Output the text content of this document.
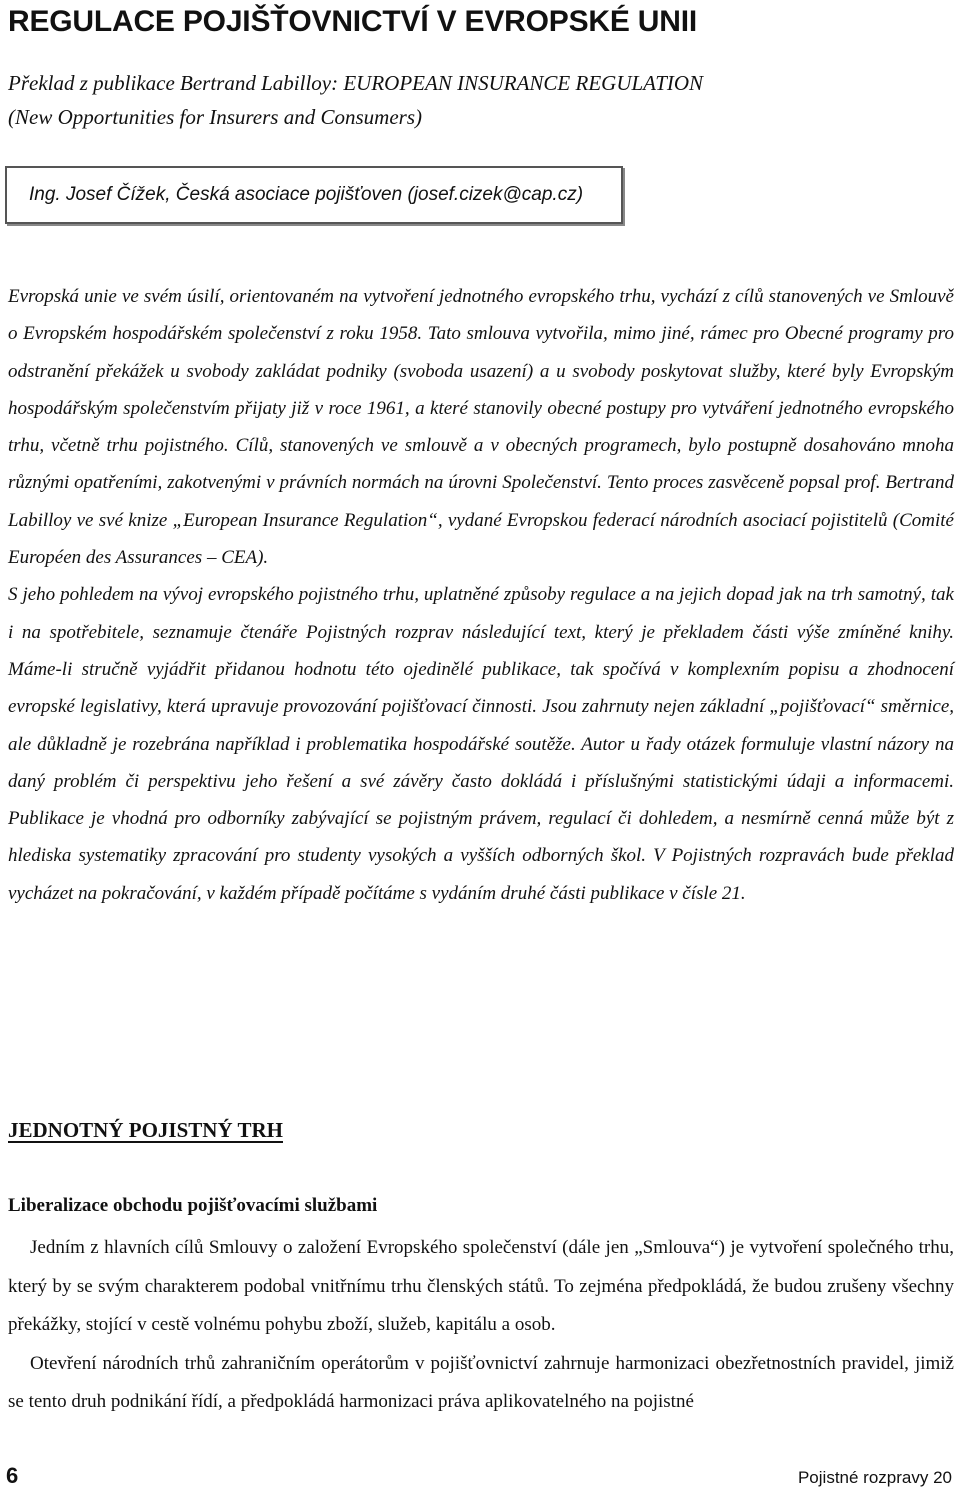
REGULACE POJIŠŤOVNICTVÍ V EVROPSKÉ UNII
Překlad z publikace Bertrand Labilloy: EUROPEAN INSURANCE REGULATION
(New Opportunities for Insurers and Consumers)

Ing. Josef Čížek, Česká asociace pojišťoven (josef.cizek@cap.cz)

Evropská unie ve svém úsilí, orientovaném na vytvoření jednotného evropského trhu, vychází z cílů stanovených ve Smlouvě o Evropském hospodářském společenství z roku 1958. Tato smlouva vytvořila, mimo jiné, rámec pro Obecné programy pro odstranění překážek u svobody zakládat podniky (svoboda usazení) a u svobody poskytovat služby, které byly Evropským hospodářským společenstvím přijaty již v roce 1961, a které stanovily obecné postupy pro vytváření jednotného evropského trhu, včetně trhu pojistného. Cílů, stanovených ve smlouvě a v obecných programech, bylo postupně dosahováno mnoha různými opatřeními, zakotvenými v právních normách na úrovni Společenství. Tento proces zasvěceně popsal prof. Bertrand Labilloy ve své knize „European Insurance Regulation“, vydané Evropskou federací národních asociací pojistitelů (Comité Européen des Assurances – CEA).

S jeho pohledem na vývoj evropského pojistného trhu, uplatněné způsoby regulace a na jejich dopad jak na trh samotný, tak i na spotřebitele, seznamuje čtenáře Pojistných rozprav následující text, který je překladem části výše zmíněné knihy. Máme-li stručně vyjádřit přidanou hodnotu této ojedinělé publikace, tak spočívá v komplexním popisu a zhodnocení evropské legislativy, která upravuje provozování pojišťovací činnosti. Jsou zahrnuty nejen základní „pojišťovací“ směrnice, ale důkladně je rozebrána například i problematika hospodářské soutěže. Autor u řady otázek formuluje vlastní názory na daný problém či perspektivu jeho řešení a své závěry často dokládá i příslušnými statistickými údaji a informacemi. Publikace je vhodná pro odborníky zabývající se pojistným právem, regulací či dohledem, a nesmírně cenná může být z hlediska systematiky zpracování pro studenty vysokých a vyšších odborných škol. V Pojistných rozpravách bude překlad vycházet na pokračování, v každém případě počítáme s vydáním druhé části publikace v čísle 21.

JEDNOTNÝ POJISTNÝ TRH
Liberalizace obchodu pojišťovacími službami

Jedním z hlavních cílů Smlouvy o založení Evropského společenství (dále jen „Smlouva“) je vytvoření společného trhu, který by se svým charakterem podobal vnitřnímu trhu členských států. To zejména předpokládá, že budou zrušeny všechny překážky, stojící v cestě volnému pohybu zboží, služeb, kapitálu a osob.

Otevření národních trhů zahraničním operátorům v pojišťovnictví zahrnuje harmonizaci obezřetnostních pravidel, jimiž se tento druh podnikání řídí, a předpokládá harmonizaci práva aplikovatelného na pojistné

6	Pojistné rozpravy 20
